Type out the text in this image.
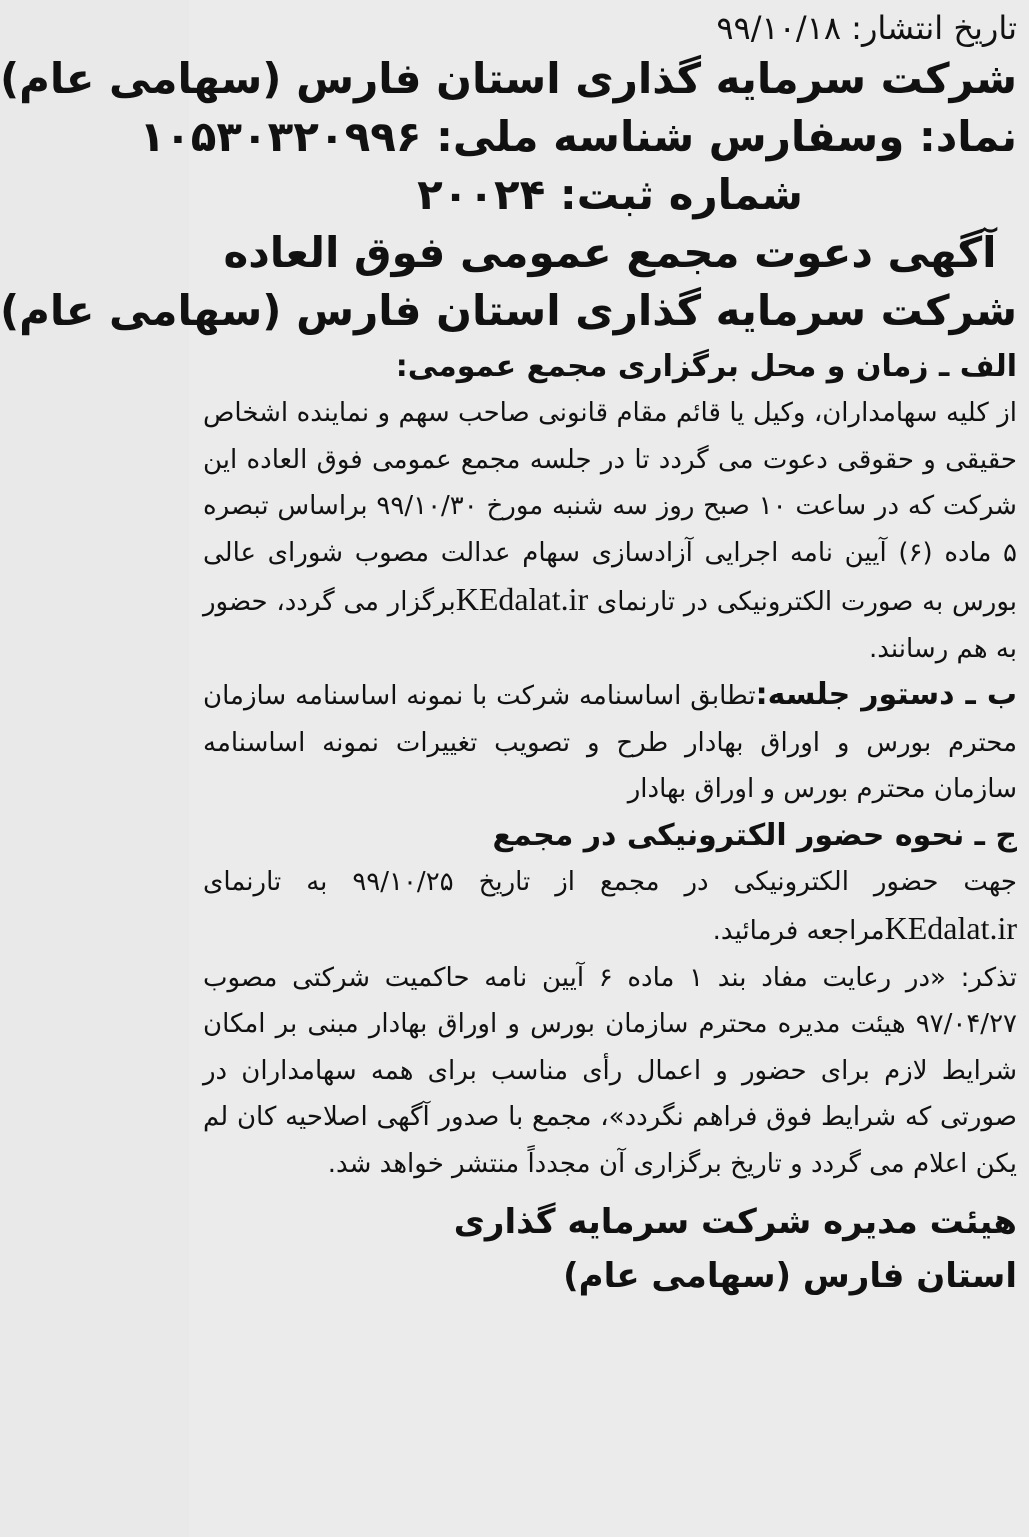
تاریخ انتشار: ۹۹/۱۰/۱۸
شرکت سرمایه گذاری استان فارس (سهامی عام)
نماد: وسفارس شناسه ملی: ۱۰۵۳۰۳۲۰۹۹۶
شماره ثبت: ۲۰۰۲۴
آگهی دعوت مجمع عمومی فوق العاده
شرکت سرمایه گذاری استان فارس (سهامی عام)
الف ـ زمان و محل برگزاری مجمع عمومی:

از کلیه سهامداران، وکیل یا قائم مقام قانونی صاحب سهم و نماینده اشخاص حقیقی و حقوقی دعوت می گردد تا در جلسه مجمع عمومی فوق العاده این شرکت که در ساعت ۱۰ صبح روز سه شنبه مورخ ۹۹/۱۰/۳۰ براساس تبصره ۵ ماده (۶) آیین نامه اجرایی آزادسازی سهام عدالت مصوب شورای عالی بورس به صورت الکترونیکی در تارنمای KEdalat.irبرگزار می گردد، حضور به هم رسانند.

ب ـ دستور جلسه:تطابق اساسنامه شرکت با نمونه اساسنامه سازمان محترم بورس و اوراق بهادار طرح و تصویب تغییرات نمونه اساسنامه سازمان محترم بورس و اوراق بهادار

ج ـ نحوه حضور الکترونیکی در مجمع

جهت حضور الکترونیکی در مجمع از تاریخ ۹۹/۱۰/۲۵ به تارنمای KEdalat.irمراجعه فرمائید.

تذکر: «در رعایت مفاد بند ۱ ماده ۶ آیین نامه حاکمیت شرکتی مصوب ۹۷/۰۴/۲۷ هیئت مدیره محترم سازمان بورس و اوراق بهادار مبنی بر امکان شرایط لازم برای حضور و اعمال رأی مناسب برای همه سهامداران در صورتی که شرایط فوق فراهم نگردد»، مجمع با صدور آگهی اصلاحیه کان لم یکن اعلام می گردد و تاریخ برگزاری آن مجدداً منتشر خواهد شد.

هیئت مدیره شرکت سرمایه گذاری
استان فارس (سهامی عام)
